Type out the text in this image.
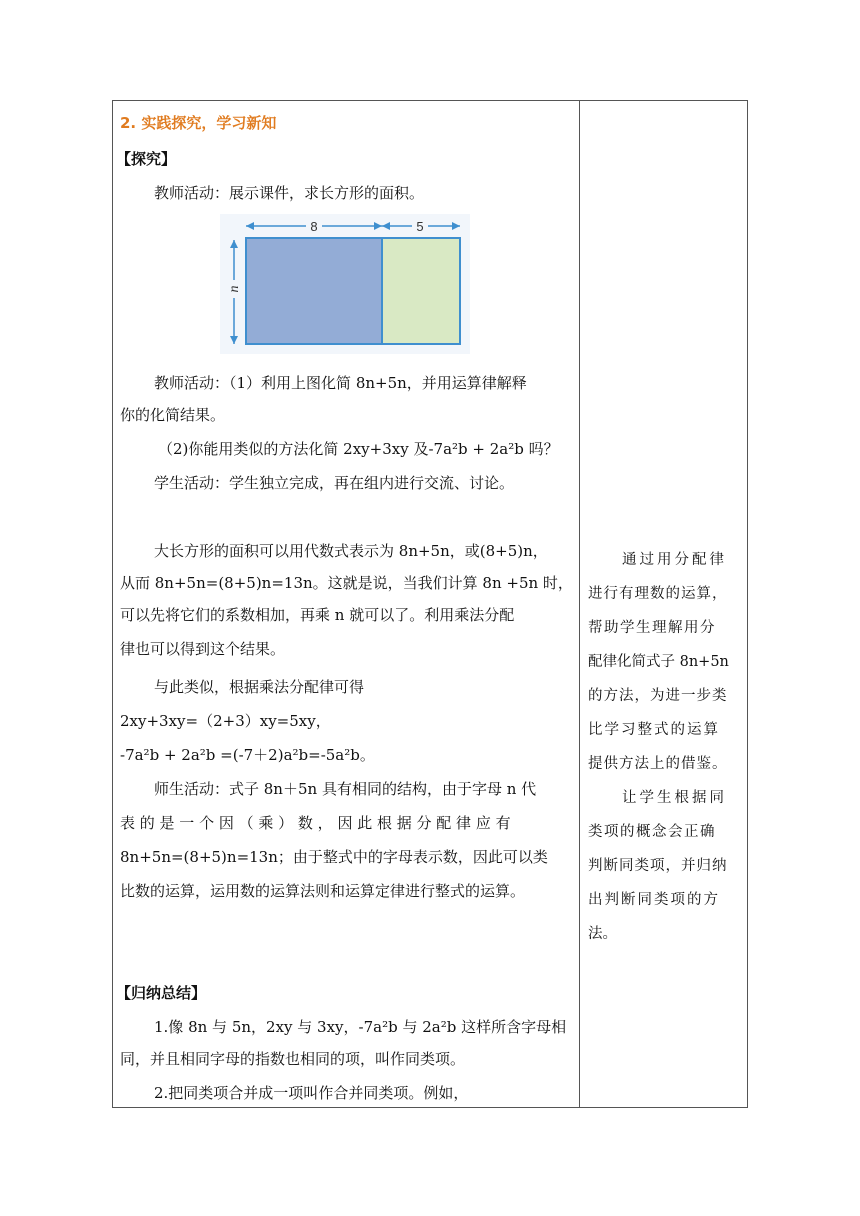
2. 实践探究，学习新知
【探究】
教师活动：展示课件，求长方形的面积。
教师活动：（1）利用上图化简 8n+5n，并用运算律解释
你的化简结果。
（2)你能用类似的方法化简 2xy+3xy 及-7a²b + 2a²b 吗？
学生活动：学生独立完成，再在组内进行交流、讨论。
大长方形的面积可以用代数式表示为 8n+5n，或(8+5)n，
从而 8n+5n=(8+5)n=13n。这就是说，当我们计算 8n +5n 时，
可以先将它们的系数相加，再乘 n 就可以了。利用乘法分配
律也可以得到这个结果。
与此类似，根据乘法分配律可得
2xy+3xy=（2+3）xy=5xy，
-7a²b + 2a²b =(-7＋2)a²b=-5a²b。
师生活动：式子 8n＋5n 具有相同的结构，由于字母 n 代
表 的 是 一 个 因 （ 乘 ） 数 ， 因 此 根 据 分 配 律 应 有
8n+5n=(8+5)n=13n；由于整式中的字母表示数，因此可以类
比数的运算，运用数的运算法则和运算定律进行整式的运算。
【归纳总结】
1.像 8n 与 5n，2xy 与 3xy，-7a²b 与 2a²b 这样所含字母相
同，并且相同字母的指数也相同的项，叫作同类项。
2.把同类项合并成一项叫作合并同类项。例如，
8	5
n
通过用分配律
进行有理数的运算，
帮助学生理解用分
配律化简式子 8n+5n
的方法，为进一步类
比学习整式的运算
提供方法上的借鉴。
让学生根据同
类项的概念会正确
判断同类项，并归纳
出判断同类项的方
法。
